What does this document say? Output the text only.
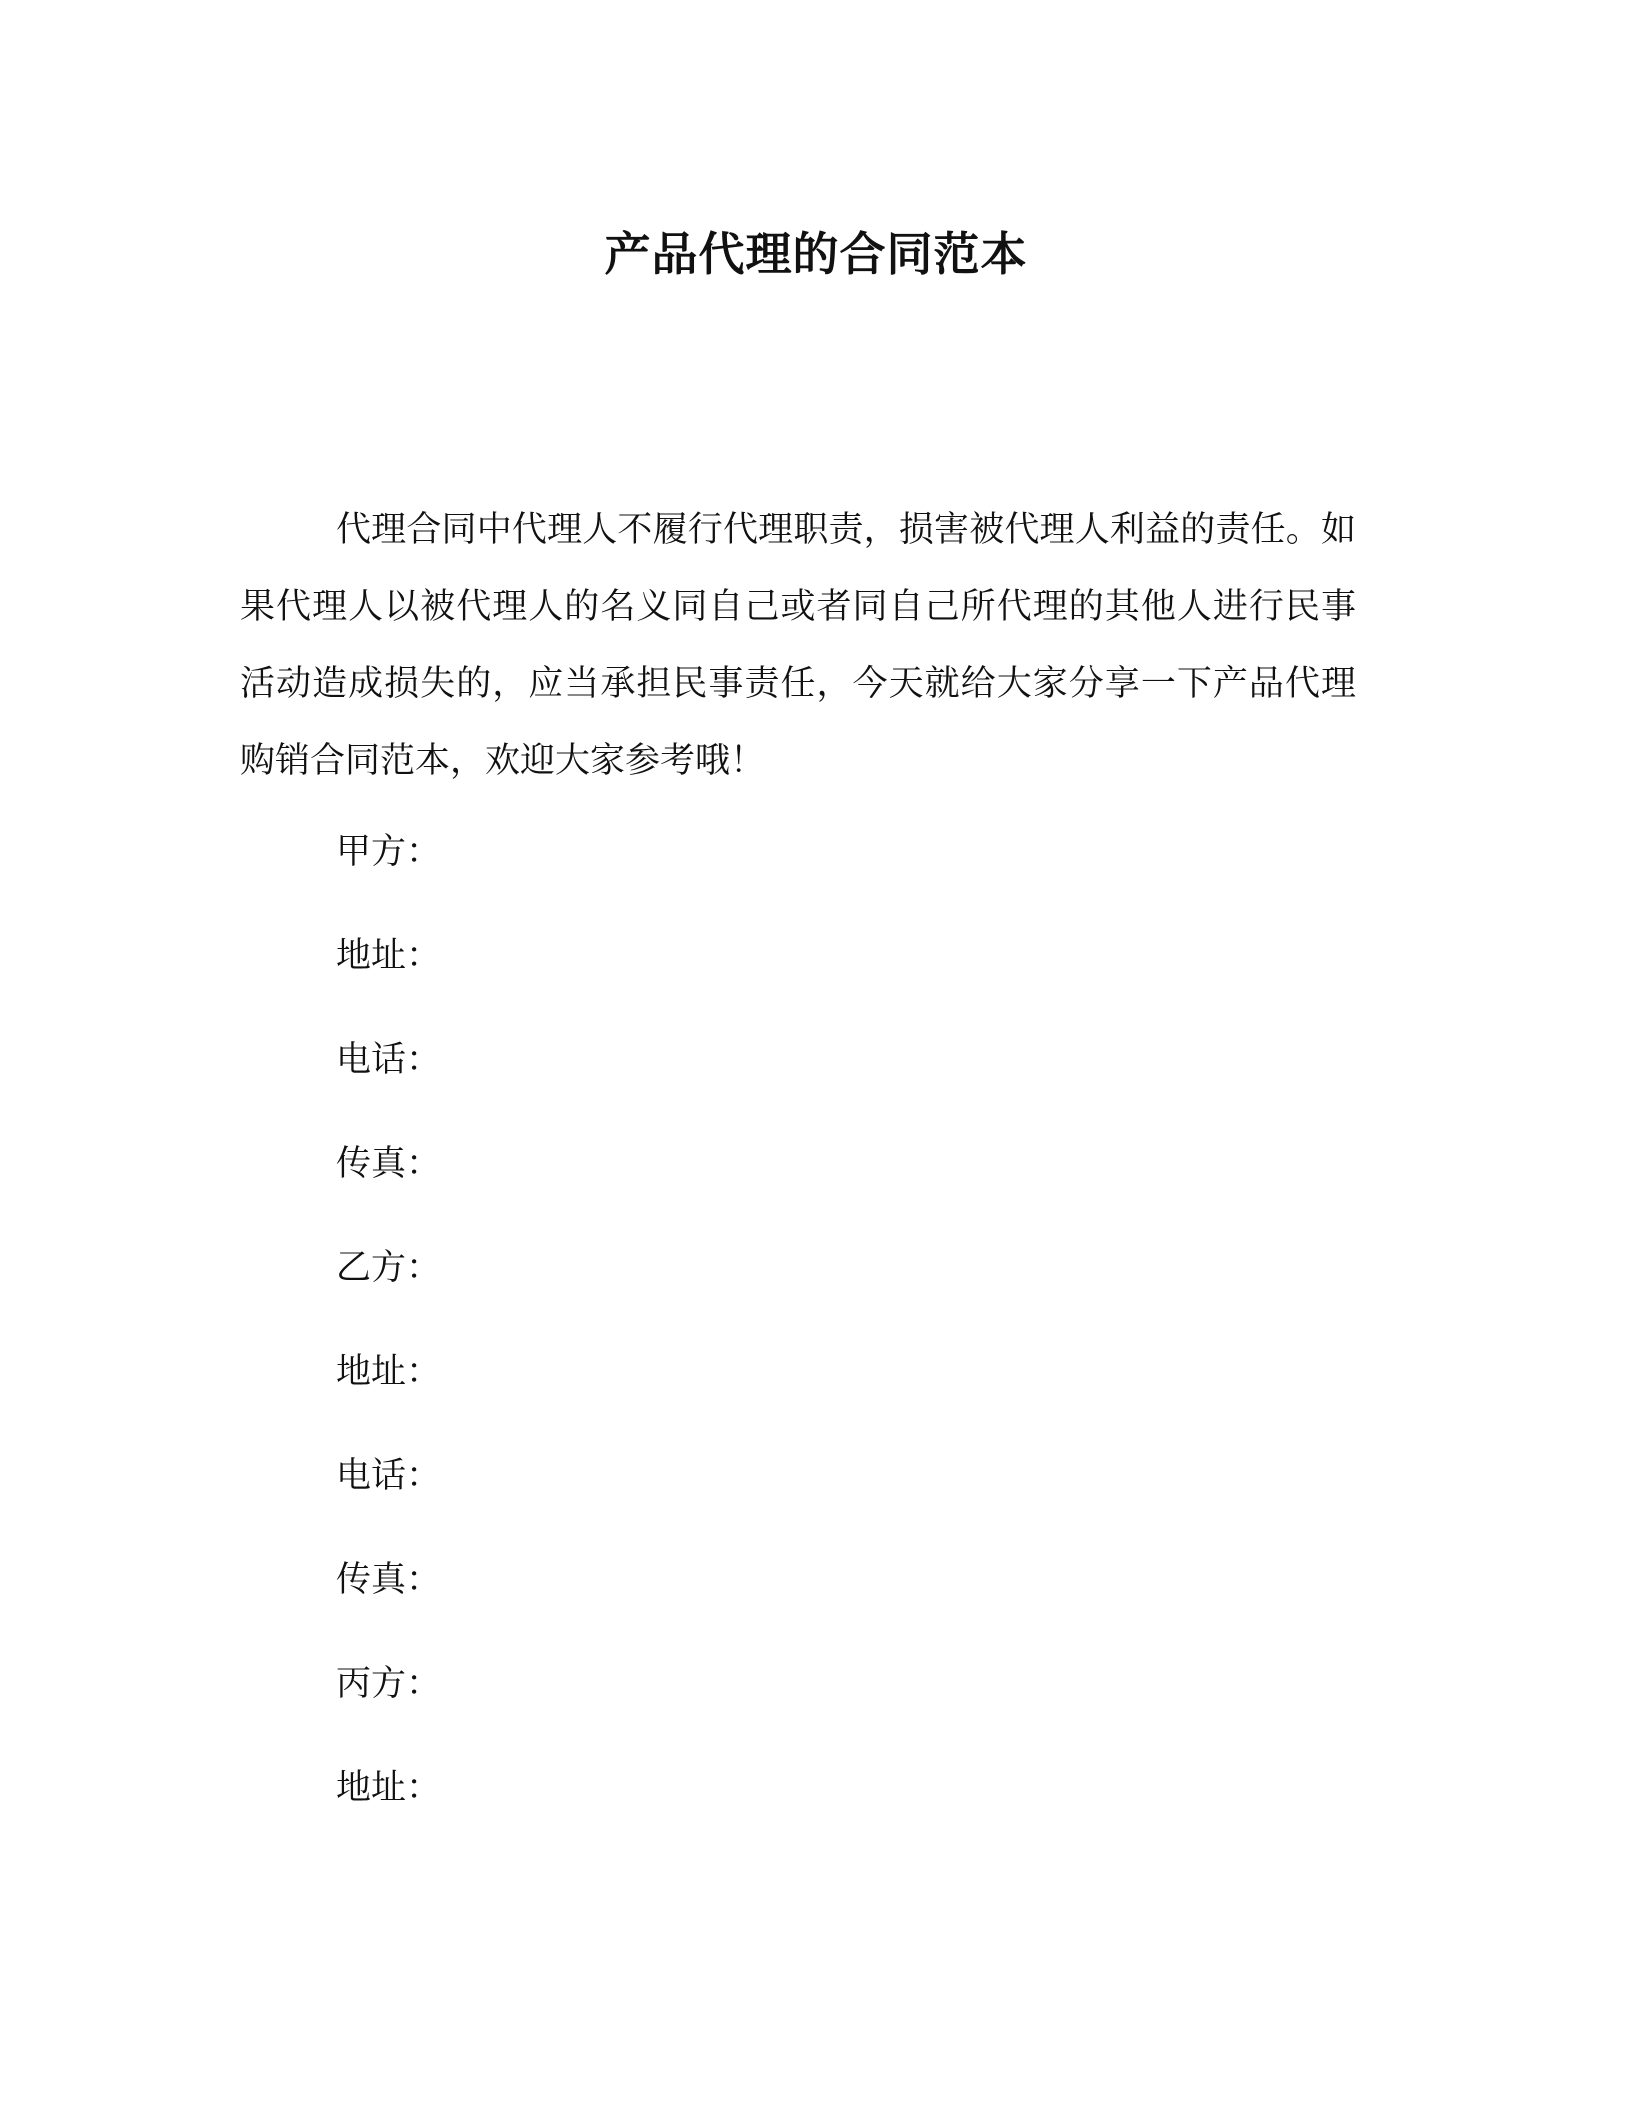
产品代理的合同范本

代理合同中代理人不履行代理职责，损害被代理人利益的责任。如果代理人以被代理人的名义同自己或者同自己所代理的其他人进行民事活动造成损失的，应当承担民事责任，今天就给大家分享一下产品代理购销合同范本，欢迎大家参考哦！

甲方：
地址：
电话：
传真：
乙方：
地址：
电话：
传真：
丙方：
地址：
